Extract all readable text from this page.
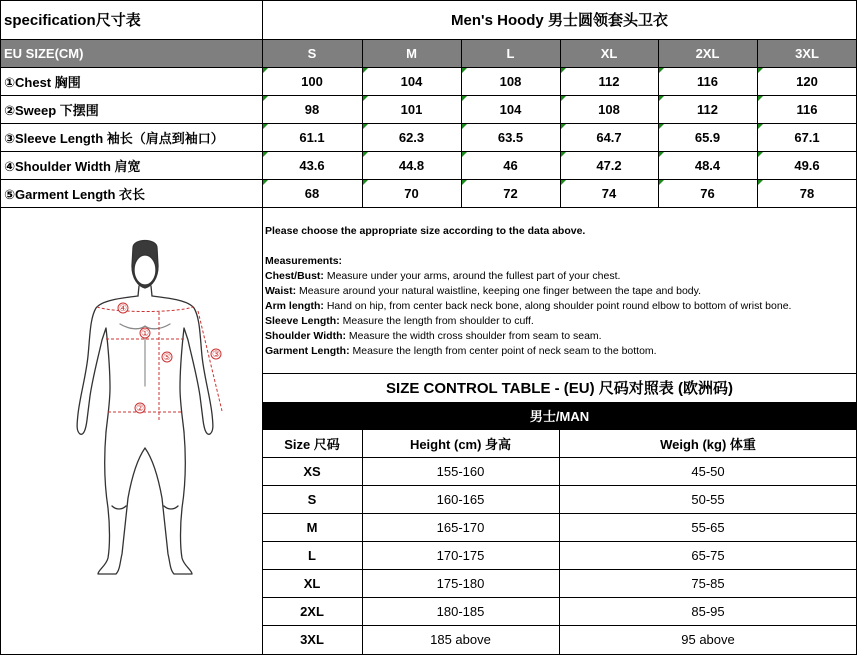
specification尺寸表	Men's Hoody 男士圆领套头卫衣
EU SIZE(CM)	S	M	L	XL	2XL	3XL
①Chest 胸围	100	104	108	112	116	120
②Sweep 下摆围	98	101	104	108	112	116
③Sleeve Length 袖长（肩点到袖口）	61.1	62.3	63.5	64.7	65.9	67.1
④Shoulder Width 肩宽	43.6	44.8	46	47.2	48.4	49.6
⑤Garment Length 衣长	68	70	72	74	76	78

Please choose the appropriate size according to the data above.

Measurements:

Chest/Bust: Measure under your arms, around the fullest part of your chest.

Waist: Measure around your natural waistline, keeping one finger between the tape and body.

Arm length: Hand on hip, from center back neck bone, along shoulder point round elbow to bottom of wrist bone.

Sleeve Length: Measure the length from shoulder to cuff.

Shoulder Width: Measure the width cross shoulder from seam to seam.

Garment Length: Measure the length from center point of neck seam to the bottom.

SIZE CONTROL TABLE - (EU) 尺码对照表 (欧洲码)
男士/MAN
Size 尺码	Height (cm) 身高	Weigh (kg) 体重
XS	155-160	45-50
S	160-165	50-55
M	165-170	55-65
L	170-175	65-75
XL	175-180	75-85
2XL	180-185	85-95
3XL	185 above	95 above
④
①
⑤
②
③
